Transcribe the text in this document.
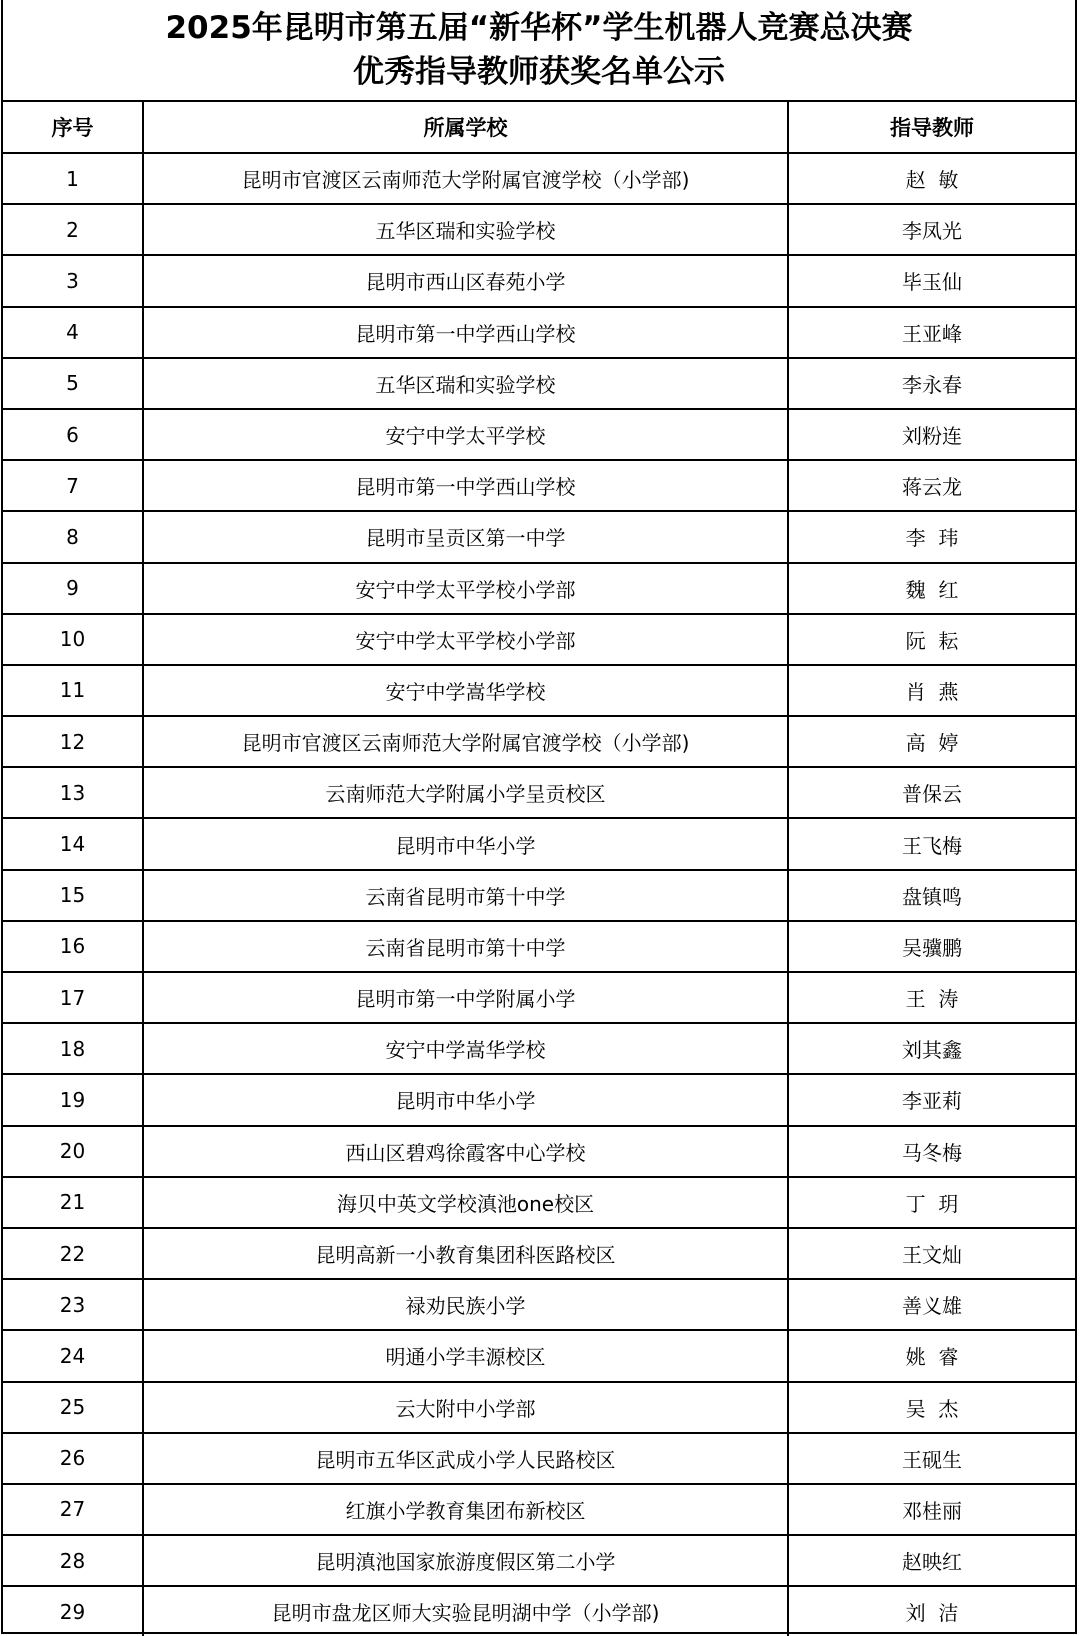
2025年昆明市第五届“新华杯”学生机器人竞赛总决赛
优秀指导教师获奖名单公示
序号	所属学校	指导教师
1	昆明市官渡区云南师范大学附属官渡学校（小学部)	赵  敏
2	五华区瑞和实验学校	李凤光
3	昆明市西山区春苑小学	毕玉仙
4	昆明市第一中学西山学校	王亚峰
5	五华区瑞和实验学校	李永春
6	安宁中学太平学校	刘粉连
7	昆明市第一中学西山学校	蒋云龙
8	昆明市呈贡区第一中学	李  玮
9	安宁中学太平学校小学部	魏  红
10	安宁中学太平学校小学部	阮  耘
11	安宁中学嵩华学校	肖  燕
12	昆明市官渡区云南师范大学附属官渡学校（小学部)	高  婷
13	云南师范大学附属小学呈贡校区	普保云
14	昆明市中华小学	王飞梅
15	云南省昆明市第十中学	盘镇鸣
16	云南省昆明市第十中学	吴骥鹏
17	昆明市第一中学附属小学	王  涛
18	安宁中学嵩华学校	刘其鑫
19	昆明市中华小学	李亚莉
20	西山区碧鸡徐霞客中心学校	马冬梅
21	海贝中英文学校滇池one校区	丁  玥
22	昆明高新一小教育集团科医路校区	王文灿
23	禄劝民族小学	善义雄
24	明通小学丰源校区	姚  睿
25	云大附中小学部	吴  杰
26	昆明市五华区武成小学人民路校区	王砚生
27	红旗小学教育集团布新校区	邓桂丽
28	昆明滇池国家旅游度假区第二小学	赵映红
29	昆明市盘龙区师大实验昆明湖中学（小学部)	刘  洁
